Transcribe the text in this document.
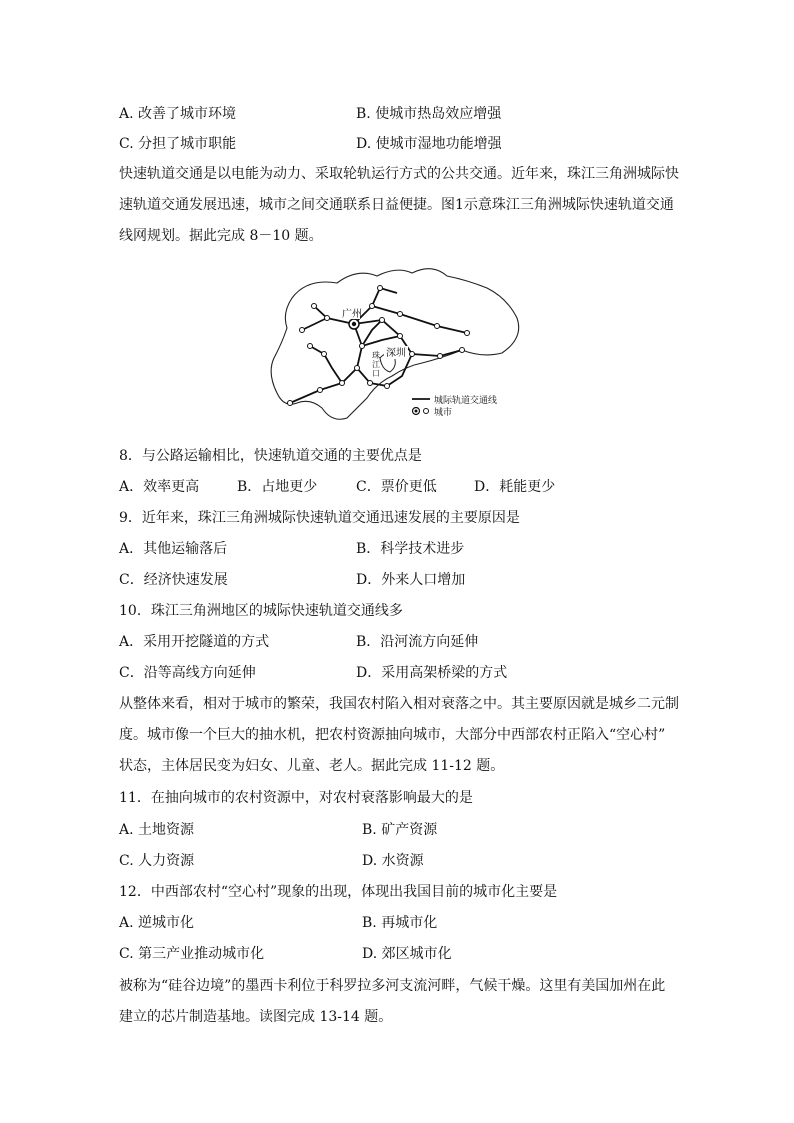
A. 改善了城市环境	B. 使城市热岛效应增强
C. 分担了城市职能	D. 使城市湿地功能增强
快速轨道交通是以电能为动力、采取轮轨运行方式的公共交通。近年来，珠江三角洲城际快
速轨道交通发展迅速，城市之间交通联系日益便捷。图1示意珠江三角洲城际快速轨道交通
线网规划。据此完成 8－10 题。
广州
深圳
珠
江
口
城际轨道交通线
城市
8．与公路运输相比，快速轨道交通的主要优点是
A．效率更高	B．占地更少	C．票价更低	D．耗能更少
9．近年来，珠江三角洲城际快速轨道交通迅速发展的主要原因是
A．其他运输落后	B．科学技术进步
C．经济快速发展	D．外来人口增加
10．珠江三角洲地区的城际快速轨道交通线多
A．采用开挖隧道的方式	B．沿河流方向延伸
C．沿等高线方向延伸	D．采用高架桥梁的方式
从整体来看，相对于城市的繁荣，我国农村陷入相对衰落之中。其主要原因就是城乡二元制
度。城市像一个巨大的抽水机，把农村资源抽向城市，大部分中西部农村正陷入“空心村”
状态，主体居民变为妇女、儿童、老人。据此完成 11-12 题。
11．在抽向城市的农村资源中，对农村衰落影响最大的是
A. 土地资源	B. 矿产资源
C. 人力资源	D. 水资源
12．中西部农村“空心村”现象的出现，体现出我国目前的城市化主要是
A. 逆城市化	B. 再城市化
C. 第三产业推动城市化	D. 郊区城市化
被称为“硅谷边境”的墨西卡利位于科罗拉多河支流河畔，气候干燥。这里有美国加州在此
建立的芯片制造基地。读图完成 13-14 题。
